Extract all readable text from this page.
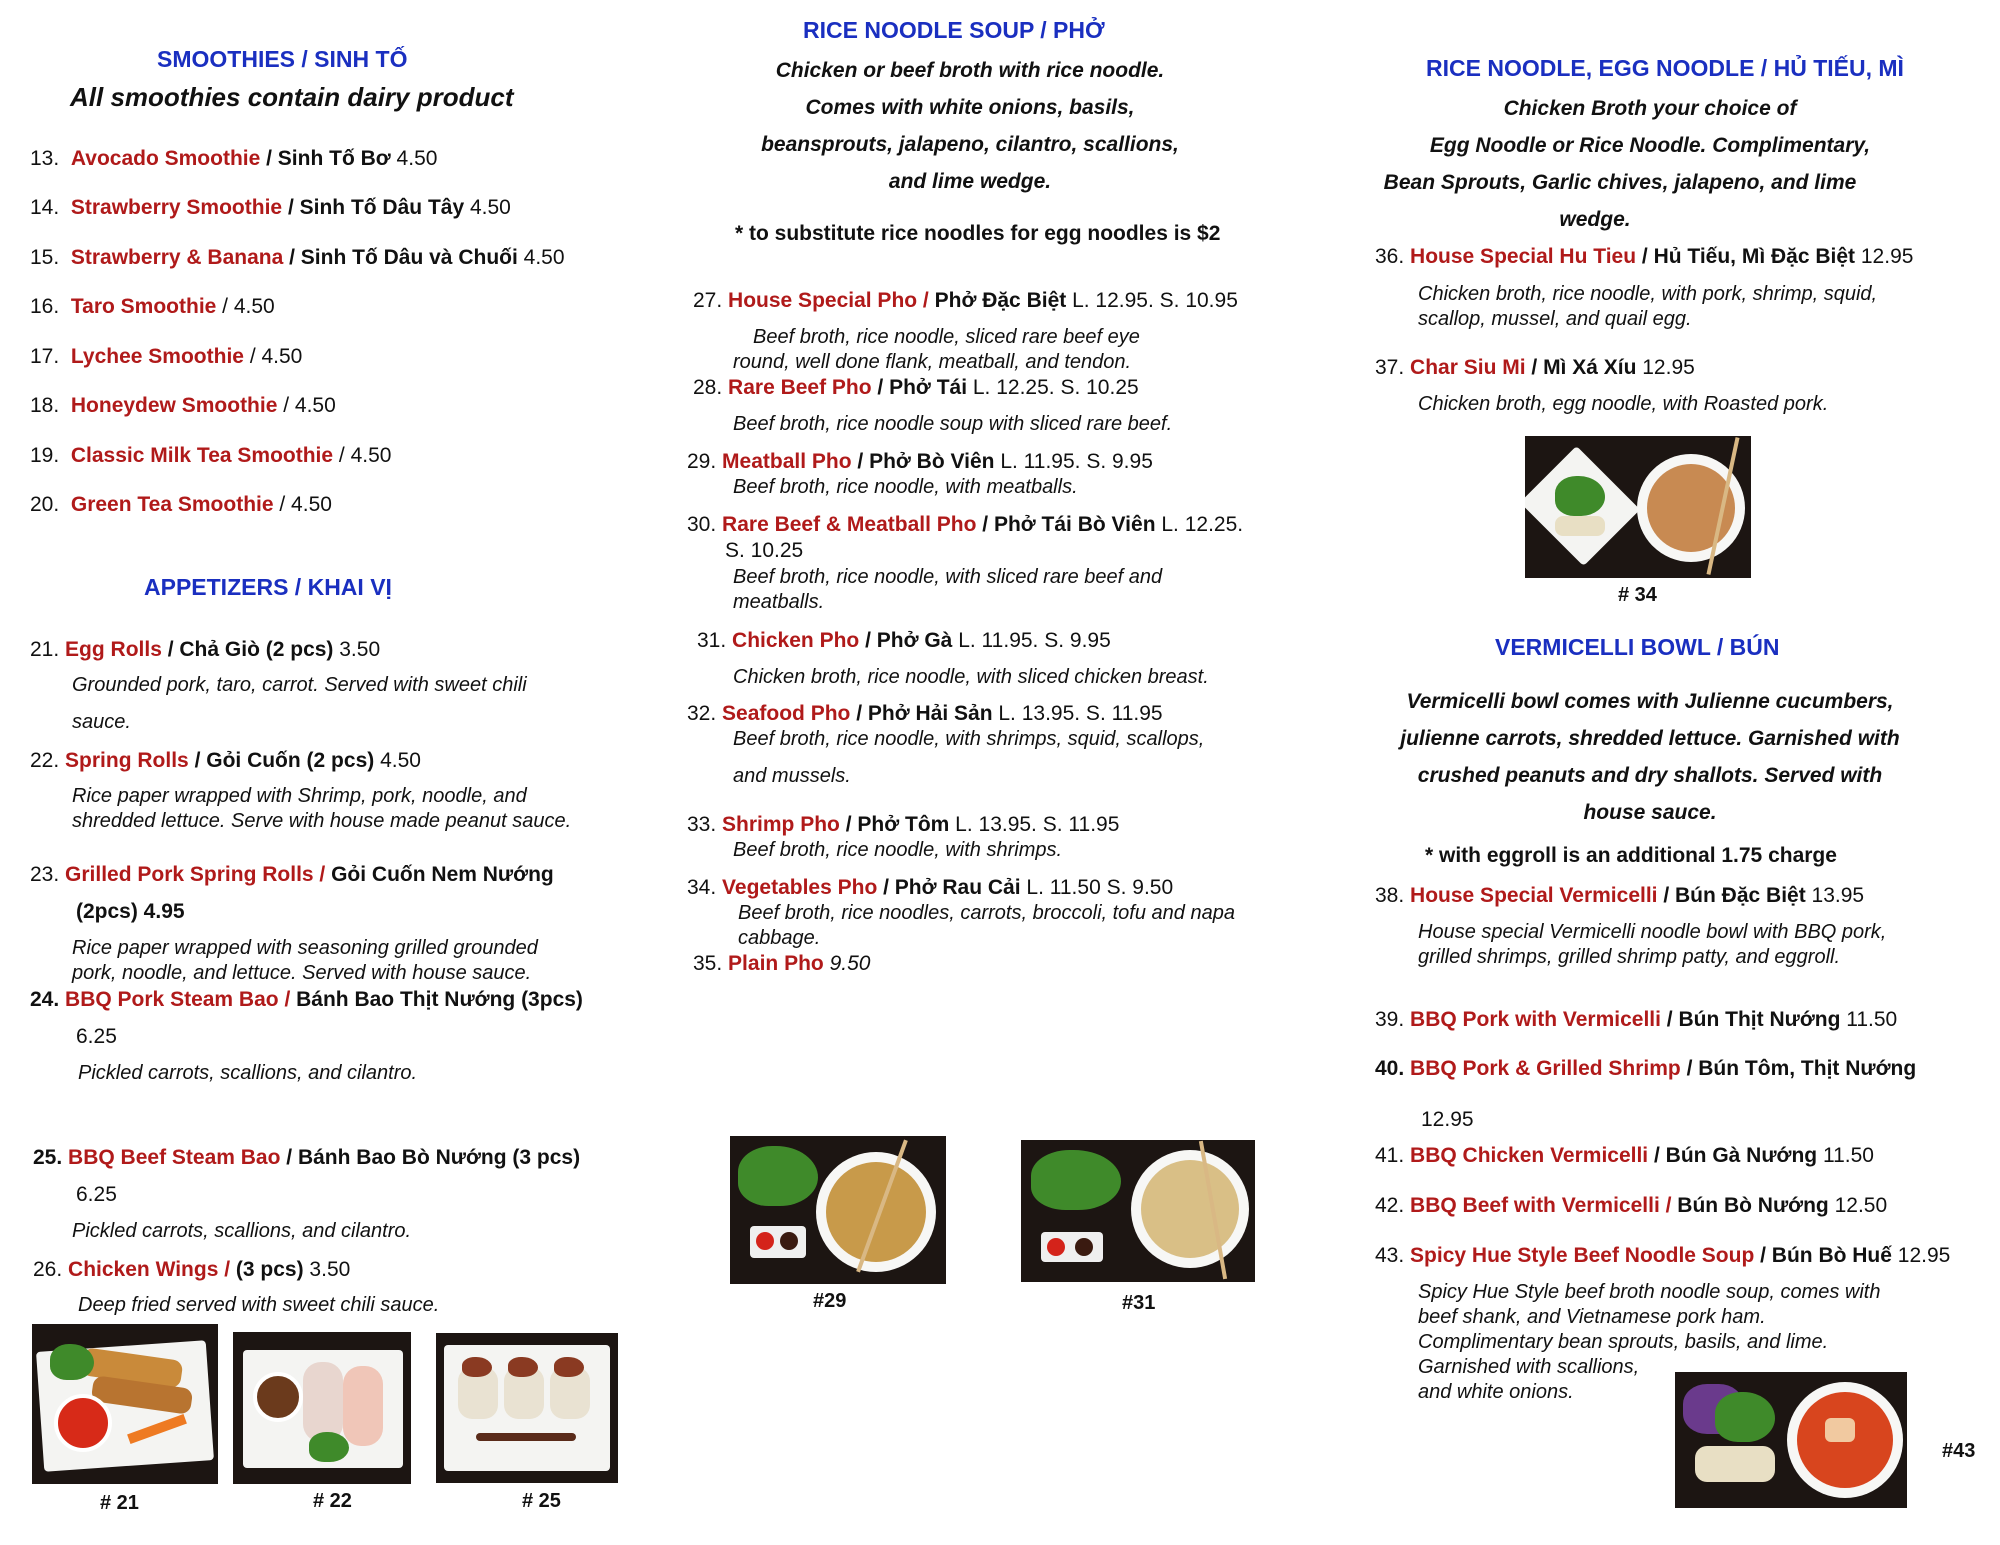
SMOOTHIES / SINH TỐ
All smoothies contain dairy product
13. Avocado Smoothie / Sinh Tố Bơ 4.50
14. Strawberry Smoothie / Sinh Tố Dâu Tây 4.50
15. Strawberry & Banana / Sinh Tố Dâu và Chuối 4.50
16. Taro Smoothie / 4.50
17. Lychee Smoothie / 4.50
18. Honeydew Smoothie / 4.50
19. Classic Milk Tea Smoothie / 4.50
20. Green Tea Smoothie / 4.50
APPETIZERS / KHAI VỊ
21. Egg Rolls / Chả Giò (2 pcs) 3.50
Grounded pork, taro, carrot. Served with sweet chili
sauce.
22. Spring Rolls / Gỏi Cuốn (2 pcs) 4.50
Rice paper wrapped with Shrimp, pork, noodle, and
shredded lettuce. Serve with house made peanut sauce.
23. Grilled Pork Spring Rolls / Gỏi Cuốn Nem Nướng
(2pcs) 4.95
Rice paper wrapped with seasoning grilled grounded
pork, noodle, and lettuce. Served with house sauce.
24. BBQ Pork Steam Bao / Bánh Bao Thịt Nướng (3pcs)
6.25
Pickled carrots, scallions, and cilantro.
25. BBQ Beef Steam Bao / Bánh Bao Bò Nướng (3 pcs)
6.25
Pickled carrots, scallions, and cilantro.
26. Chicken Wings / (3 pcs) 3.50
Deep fried served with sweet chili sauce.
# 21	# 22	# 25
RICE NOODLE SOUP / PHỞ
Chicken or beef broth with rice noodle.
Comes with white onions, basils,
beansprouts, jalapeno, cilantro, scallions,
and lime wedge.
* to substitute rice noodles for egg noodles is $2
27. House Special Pho / Phở Đặc Biệt L. 12.95. S. 10.95
Beef broth, rice noodle, sliced rare beef eye
round, well done flank, meatball, and tendon.
28. Rare Beef Pho / Phở Tái L. 12.25. S. 10.25
Beef broth, rice noodle soup with sliced rare beef.
29. Meatball Pho / Phở Bò Viên L. 11.95. S. 9.95
Beef broth, rice noodle, with meatballs.
30. Rare Beef & Meatball Pho / Phở Tái Bò Viên L. 12.25.
S. 10.25
Beef broth, rice noodle, with sliced rare beef and
meatballs.
31. Chicken Pho / Phở Gà L. 11.95. S. 9.95
Chicken broth, rice noodle, with sliced chicken breast.
32. Seafood Pho / Phở Hải Sản L. 13.95. S. 11.95
Beef broth, rice noodle, with shrimps, squid, scallops,
and mussels.
33. Shrimp Pho / Phở Tôm L. 13.95. S. 11.95
Beef broth, rice noodle, with shrimps.
34. Vegetables Pho / Phở Rau Cải L. 11.50 S. 9.50
Beef broth, rice noodles, carrots, broccoli, tofu and napa
cabbage.
35. Plain Pho 9.50
#29	#31
RICE NOODLE, EGG NOODLE / HỦ TIẾU, MÌ
Chicken Broth your choice of
Egg Noodle or Rice Noodle. Complimentary,
Bean Sprouts, Garlic chives, jalapeno, and lime
wedge.
36. House Special Hu Tieu / Hủ Tiếu, Mì Đặc Biệt 12.95
Chicken broth, rice noodle, with pork, shrimp, squid,
scallop, mussel, and quail egg.
37. Char Siu Mi / Mì Xá Xíu 12.95
Chicken broth, egg noodle, with Roasted pork.
# 34
VERMICELLI BOWL / BÚN
Vermicelli bowl comes with Julienne cucumbers,
julienne carrots, shredded lettuce. Garnished with
crushed peanuts and dry shallots. Served with
house sauce.
* with eggroll is an additional 1.75 charge
38. House Special Vermicelli / Bún Đặc Biệt 13.95
House special Vermicelli noodle bowl with BBQ pork,
grilled shrimps, grilled shrimp patty, and eggroll.
39. BBQ Pork with Vermicelli / Bún Thịt Nướng 11.50
40. BBQ Pork & Grilled Shrimp / Bún Tôm, Thịt Nướng
12.95
41. BBQ Chicken Vermicelli / Bún Gà Nướng 11.50
42. BBQ Beef with Vermicelli / Bún Bò Nướng 12.50
43. Spicy Hue Style Beef Noodle Soup / Bún Bò Huế 12.95
Spicy Hue Style beef broth noodle soup, comes with
beef shank, and Vietnamese pork ham.
Complimentary bean sprouts, basils, and lime.
Garnished with scallions,
and white onions.
#43
